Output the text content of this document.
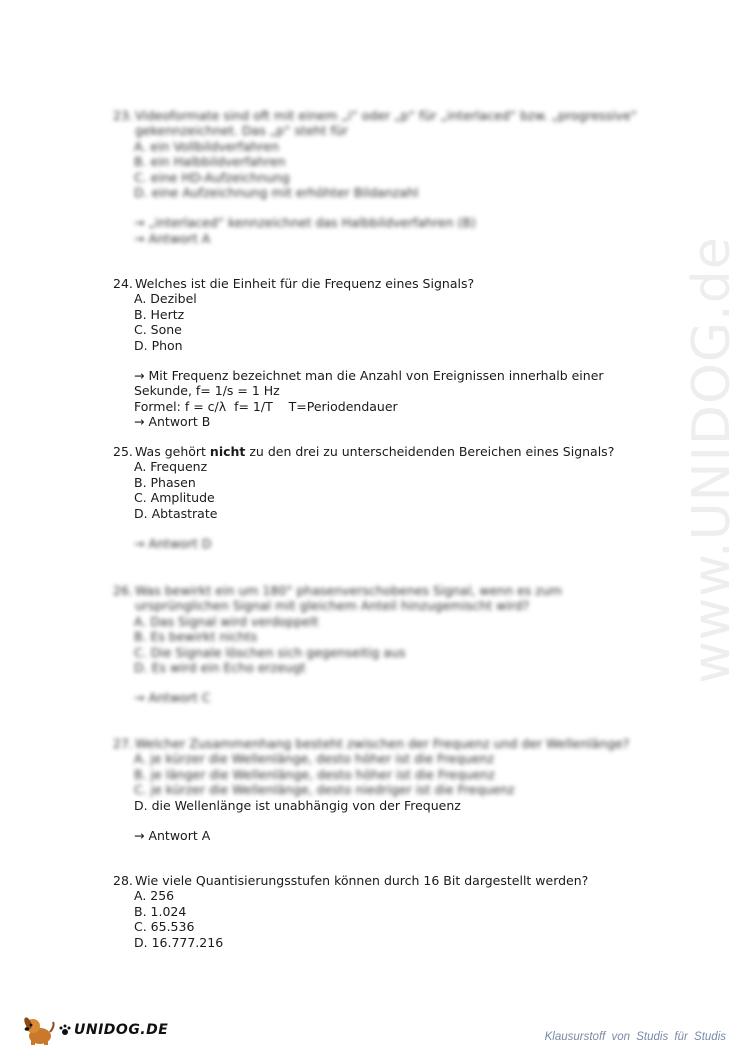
www.UNIDOG.de
23. Videoformate sind oft mit einem „i“ oder „p“ für „interlaced“ bzw. „progressive“
gekennzeichnet. Das „p“ steht für
A. ein Vollbildverfahren
B. ein Halbbildverfahren
C. eine HD-Aufzeichnung
D. eine Aufzeichnung mit erhöhter Bildanzahl
→ „interlaced“ kennzeichnet das Halbbildverfahren (B)
→ Antwort A
24. Welches ist die Einheit für die Frequenz eines Signals?
A. Dezibel
B. Hertz
C. Sone
D. Phon
→ Mit Frequenz bezeichnet man die Anzahl von Ereignissen innerhalb einer
Sekunde, f= 1/s = 1 Hz
Formel: f = c/λ  f= 1/T    T=Periodendauer
→ Antwort B
25. Was gehört nicht zu den drei zu unterscheidenden Bereichen eines Signals?
A. Frequenz
B. Phasen
C. Amplitude
D. Abtastrate
→ Antwort D
26. Was bewirkt ein um 180° phasenverschobenes Signal, wenn es zum
ursprünglichen Signal mit gleichem Anteil hinzugemischt wird?
A. Das Signal wird verdoppelt
B. Es bewirkt nichts
C. Die Signale löschen sich gegenseitig aus
D. Es wird ein Echo erzeugt
→ Antwort C
27. Welcher Zusammenhang besteht zwischen der Frequenz und der Wellenlänge?
A. je kürzer die Wellenlänge, desto höher ist die Frequenz
B. je länger die Wellenlänge, desto höher ist die Frequenz
C. je kürzer die Wellenlänge, desto niedriger ist die Frequenz
D. die Wellenlänge ist unabhängig von der Frequenz
→ Antwort A
28. Wie viele Quantisierungsstufen können durch 16 Bit dargestellt werden?
A. 256
B. 1.024
C. 65.536
D. 16.777.216
UNIDOG.DE	Klausurstoff von Studis für Studis
